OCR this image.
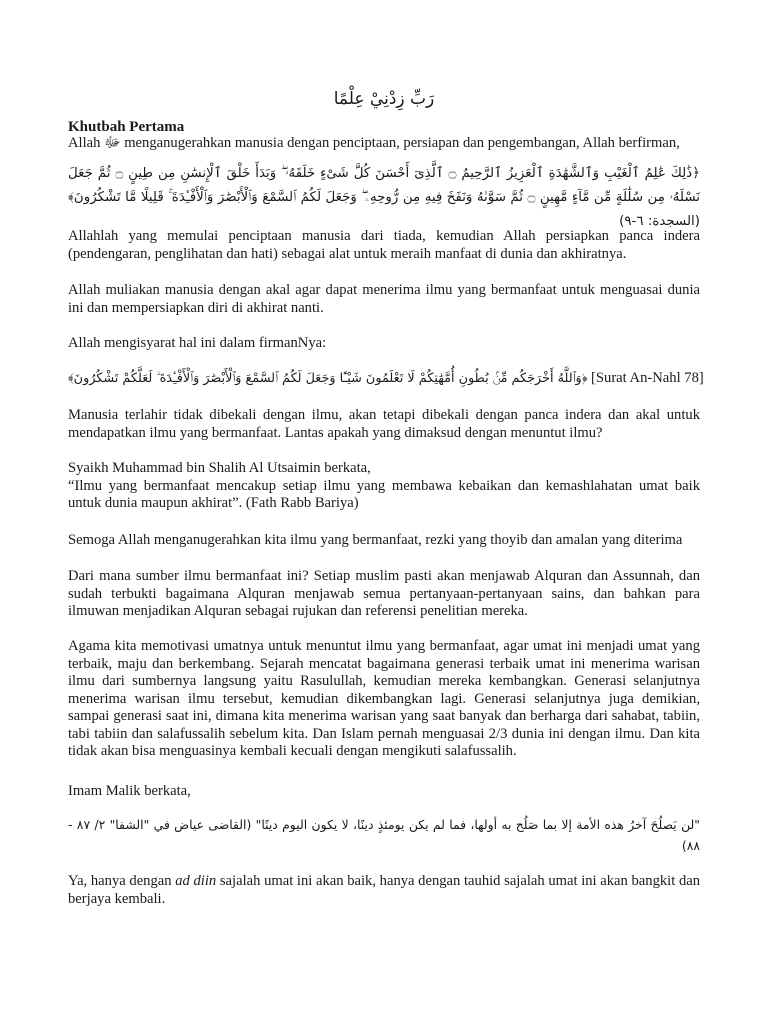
رَبِّ زِدْنِيْ عِلْمًا
Khutbah Pertama

Allah ﷻ menganugerahkan manusia dengan penciptaan, persiapan dan pengembangan, Allah berfirman,

﴿ذَٰلِكَ عَٰلِمُ ٱلْغَيْبِ وَٱلشَّهَٰدَةِ ٱلْعَزِيزُ ٱلرَّحِيمُ ۝ ٱلَّذِىٓ أَحْسَنَ كُلَّ شَىْءٍ خَلَقَهُۥ ۖ وَبَدَأَ خَلْقَ ٱلْإِنسَٰنِ مِن طِينٍ ۝ ثُمَّ جَعَلَ نَسْلَهُۥ مِن سُلَٰلَةٍ مِّن مَّآءٍ مَّهِينٍ ۝ ثُمَّ سَوَّىٰهُ وَنَفَخَ فِيهِ مِن رُّوحِهِۦ ۖ وَجَعَلَ لَكُمُ ٱلسَّمْعَ وَٱلْأَبْصَٰرَ وَٱلْأَفْـِٔدَةَ ۚ قَلِيلًا مَّا تَشْكُرُونَ﴾ (السجدة: ٦-٩)

Allahlah yang memulai penciptaan manusia dari tiada, kemudian Allah persiapkan panca indera (pendengaran, penglihatan dan hati) sebagai alat untuk meraih manfaat di dunia dan akhiratnya.

Allah muliakan manusia dengan akal agar dapat menerima ilmu yang bermanfaat untuk menguasai dunia ini dan mempersiapkan diri di akhirat nanti.

Allah mengisyarat hal ini dalam firmanNya:

﴿وَٱللَّهُ أَخْرَجَكُم مِّنۢ بُطُونِ أُمَّهَٰتِكُمْ لَا تَعْلَمُونَ شَيْـًٔا وَجَعَلَ لَكُمُ ٱلسَّمْعَ وَٱلْأَبْصَٰرَ وَٱلْأَفْـِٔدَةَ ۙ لَعَلَّكُمْ تَشْكُرُونَ﴾ [Surat An-Nahl 78]

Manusia terlahir tidak dibekali dengan ilmu, akan tetapi dibekali dengan panca indera dan akal untuk mendapatkan ilmu yang bermanfaat. Lantas apakah yang dimaksud dengan menuntut ilmu?

Syaikh Muhammad bin Shalih Al Utsaimin berkata,
“Ilmu yang bermanfaat mencakup setiap ilmu yang membawa kebaikan dan kemashlahatan umat baik untuk dunia maupun akhirat”. (Fath Rabb Bariya)

Semoga Allah menganugerahkan kita ilmu yang bermanfaat, rezki yang thoyib dan amalan yang diterima

Dari mana sumber ilmu bermanfaat ini? Setiap muslim pasti akan menjawab Alquran dan Assunnah, dan sudah terbukti bagaimana Alquran menjawab semua pertanyaan-pertanyaan sains, dan bahkan para ilmuwan menjadikan Alquran sebagai rujukan dan referensi penelitian mereka.

Agama kita memotivasi umatnya untuk menuntut ilmu yang bermanfaat, agar umat ini menjadi umat yang terbaik, maju dan berkembang. Sejarah mencatat bagaimana generasi terbaik umat ini menerima warisan ilmu dari sumbernya langsung yaitu Rasulullah, kemudian mereka kembangkan. Generasi selanjutnya menerima warisan ilmu tersebut, kemudian dikembangkan lagi. Generasi selanjutnya juga demikian, sampai generasi saat ini, dimana kita menerima warisan yang saat banyak dan berharga dari sahabat, tabiin, tabi tabiin dan salafussalih sebelum kita. Dan Islam pernah menguasai 2/3 dunia ini dengan ilmu. Dan kita tidak akan bisa menguasinya kembali kecuali dengan mengikuti salafussalih.

Imam Malik berkata,

"لن يَصلُحَ آخرُ هذه الأمة إلا بما صَلُح به أولها، فما لم يكن يومئذٍ دينًا، لا يكون اليوم دينًا" (القاضى عياض في "الشفا" ٢/ ٨٧ - ٨٨)

Ya, hanya dengan ad diin sajalah umat ini akan baik, hanya dengan tauhid sajalah umat ini akan bangkit dan berjaya kembali.
